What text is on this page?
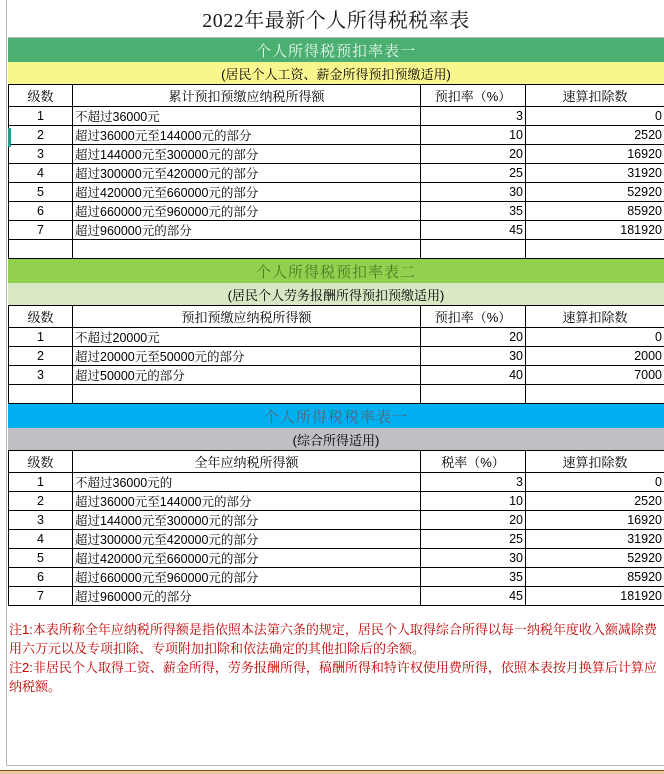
2022年最新个人所得税税率表
个人所得税预扣率表一
(居民个人工资、薪金所得预扣预缴适用)
级数	累计预扣预缴应纳税所得额	预扣率（%）	速算扣除数
1	不超过36000元	3	0
2	超过36000元至144000元的部分	10	2520
3	超过144000元至300000元的部分	20	16920
4	超过300000元至420000元的部分	25	31920
5	超过420000元至660000元的部分	30	52920
6	超过660000元至960000元的部分	35	85920
7	超过960000元的部分	45	181920

个人所得税预扣率表二
(居民个人劳务报酬所得预扣预缴适用)
级数	预扣预缴应纳税所得额	预扣率（%）	速算扣除数
1	不超过20000元	20	0
2	超过20000元至50000元的部分	30	2000
3	超过50000元的部分	40	7000

个人所得税税率表一
(综合所得适用)
级数	全年应纳税所得额	税率（%）	速算扣除数
1	不超过36000元的	3	0
2	超过36000元至144000元的部分	10	2520
3	超过144000元至300000元的部分	20	16920
4	超过300000元至420000元的部分	25	31920
5	超过420000元至660000元的部分	30	52920
6	超过660000元至960000元的部分	35	85920
7	超过960000元的部分	45	181920

注1:本表所称全年应纳税所得额是指依照本法第六条的规定，居民个人取得综合所得以每一纳税年度收入额减除费用六万元以及专项扣除、专项附加扣除和依法确定的其他扣除后的余额。

注2:非居民个人取得工资、薪金所得，劳务报酬所得，稿酬所得和特许权使用费所得，依照本表按月换算后计算应纳税额。
